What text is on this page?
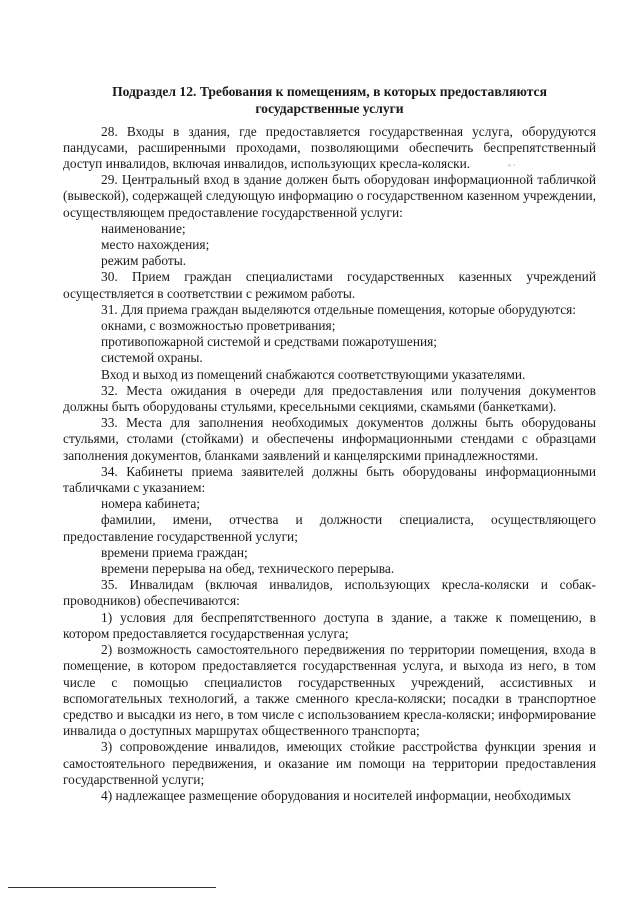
Подраздел 12. Требования к помещениям, в которых предоставляются
государственные услуги

28. Входы в здания, где предоставляется государственная услуга, оборудуются пандусами, расширенными проходами, позволяющими обеспечить беспрепятственный доступ инвалидов, включая инвалидов, использующих кресла-коляски.

29. Центральный вход в здание должен быть оборудован информационной табличкой (вывеской), содержащей следующую информацию о государственном казенном учреждении, осуществляющем предоставление государственной услуги:

наименование;

место нахождения;

режим работы.

30. Прием граждан специалистами государственных казенных учреждений осуществляется в соответствии с режимом работы.

31. Для приема граждан выделяются отдельные помещения, которые оборудуются:

окнами, с возможностью проветривания;

противопожарной системой и средствами пожаротушения;

системой охраны.

Вход и выход из помещений снабжаются соответствующими указателями.

32. Места ожидания в очереди для предоставления или получения документов должны быть оборудованы стульями, кресельными секциями, скамьями (банкетками).

33. Места для заполнения необходимых документов должны быть оборудованы стульями, столами (стойками) и обеспечены информационными стендами с образцами заполнения документов, бланками заявлений и канцелярскими принадлежностями.

34. Кабинеты приема заявителей должны быть оборудованы информационными табличками с указанием:

номера кабинета;

фамилии, имени, отчества и должности специалиста, осуществляющего предоставление государственной услуги;

времени приема граждан;

времени перерыва на обед, технического перерыва.

35. Инвалидам (включая инвалидов, использующих кресла-коляски и собак-проводников) обеспечиваются:

1) условия для беспрепятственного доступа в здание, а также к помещению, в котором предоставляется государственная услуга;

2) возможность самостоятельного передвижения по территории помещения, входа в помещение, в котором предоставляется государственная услуга, и выхода из него, в том числе с помощью специалистов государственных учреждений, ассистивных и вспомогательных технологий, а также сменного кресла-коляски; посадки в транспортное средство и высадки из него, в том числе с использованием кресла-коляски; информирование инвалида о доступных маршрутах общественного транспорта;

3) сопровождение инвалидов, имеющих стойкие расстройства функции зрения и самостоятельного передвижения, и оказание им помощи на территории предоставления государственной услуги;

4) надлежащее размещение оборудования и носителей информации, необходимых

▫ ·
